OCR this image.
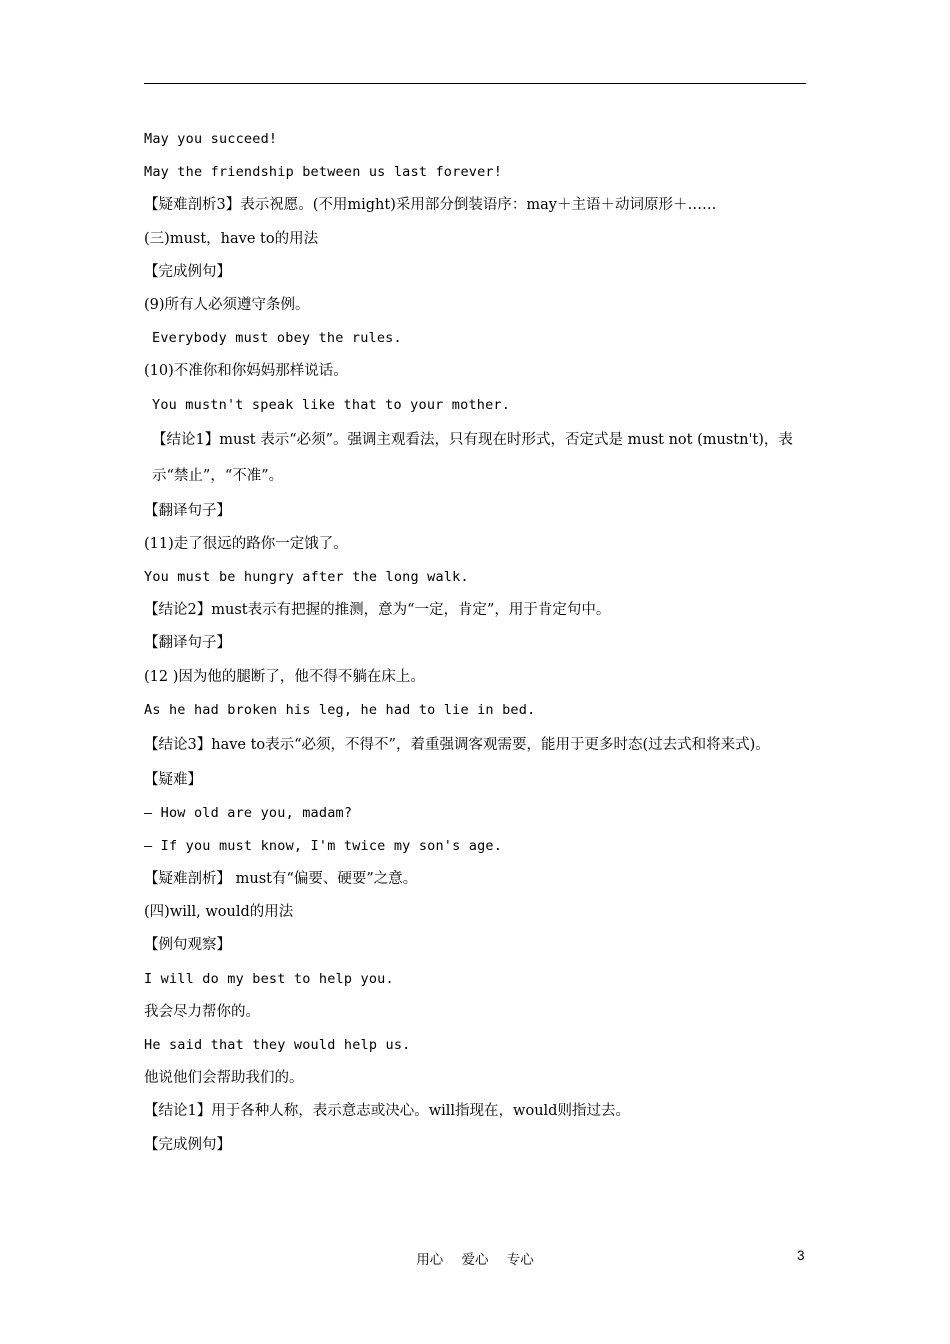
May you succeed!
May the friendship between us last forever!
【疑难剖析3】表示祝愿。(不用might)采用部分倒装语序：may＋主语＋动词原形＋……
(三)must，have to的用法
【完成例句】
(9)所有人必须遵守条例。
Everybody must obey the rules.
(10)不准你和你妈妈那样说话。
You mustn't speak like that to your mother.
【结论1】must 表示“必须”。强调主观看法，只有现在时形式，否定式是 must not (mustn't)，表示“禁止”，“不准”。
【翻译句子】
(11)走了很远的路你一定饿了。
You must be hungry after the long walk.
【结论2】must表示有把握的推测，意为“一定，肯定”，用于肯定句中。
【翻译句子】
(12 )因为他的腿断了，他不得不躺在床上。
As he had broken his leg, he had to lie in bed.
【结论3】have to表示“必须，不得不”，着重强调客观需要，能用于更多时态(过去式和将来式)。
【疑难】
— How old are you, madam?
— If you must know, I'm twice my son's age.
【疑难剖析】 must有“偏要、硬要”之意。
(四)will, would的用法
【例句观察】
I will do my best to help you.
我会尽力帮你的。
He said that they would help us.
他说他们会帮助我们的。
【结论1】用于各种人称，表示意志或决心。will指现在，would则指过去。
【完成例句】
用心 爱心 专心	3
